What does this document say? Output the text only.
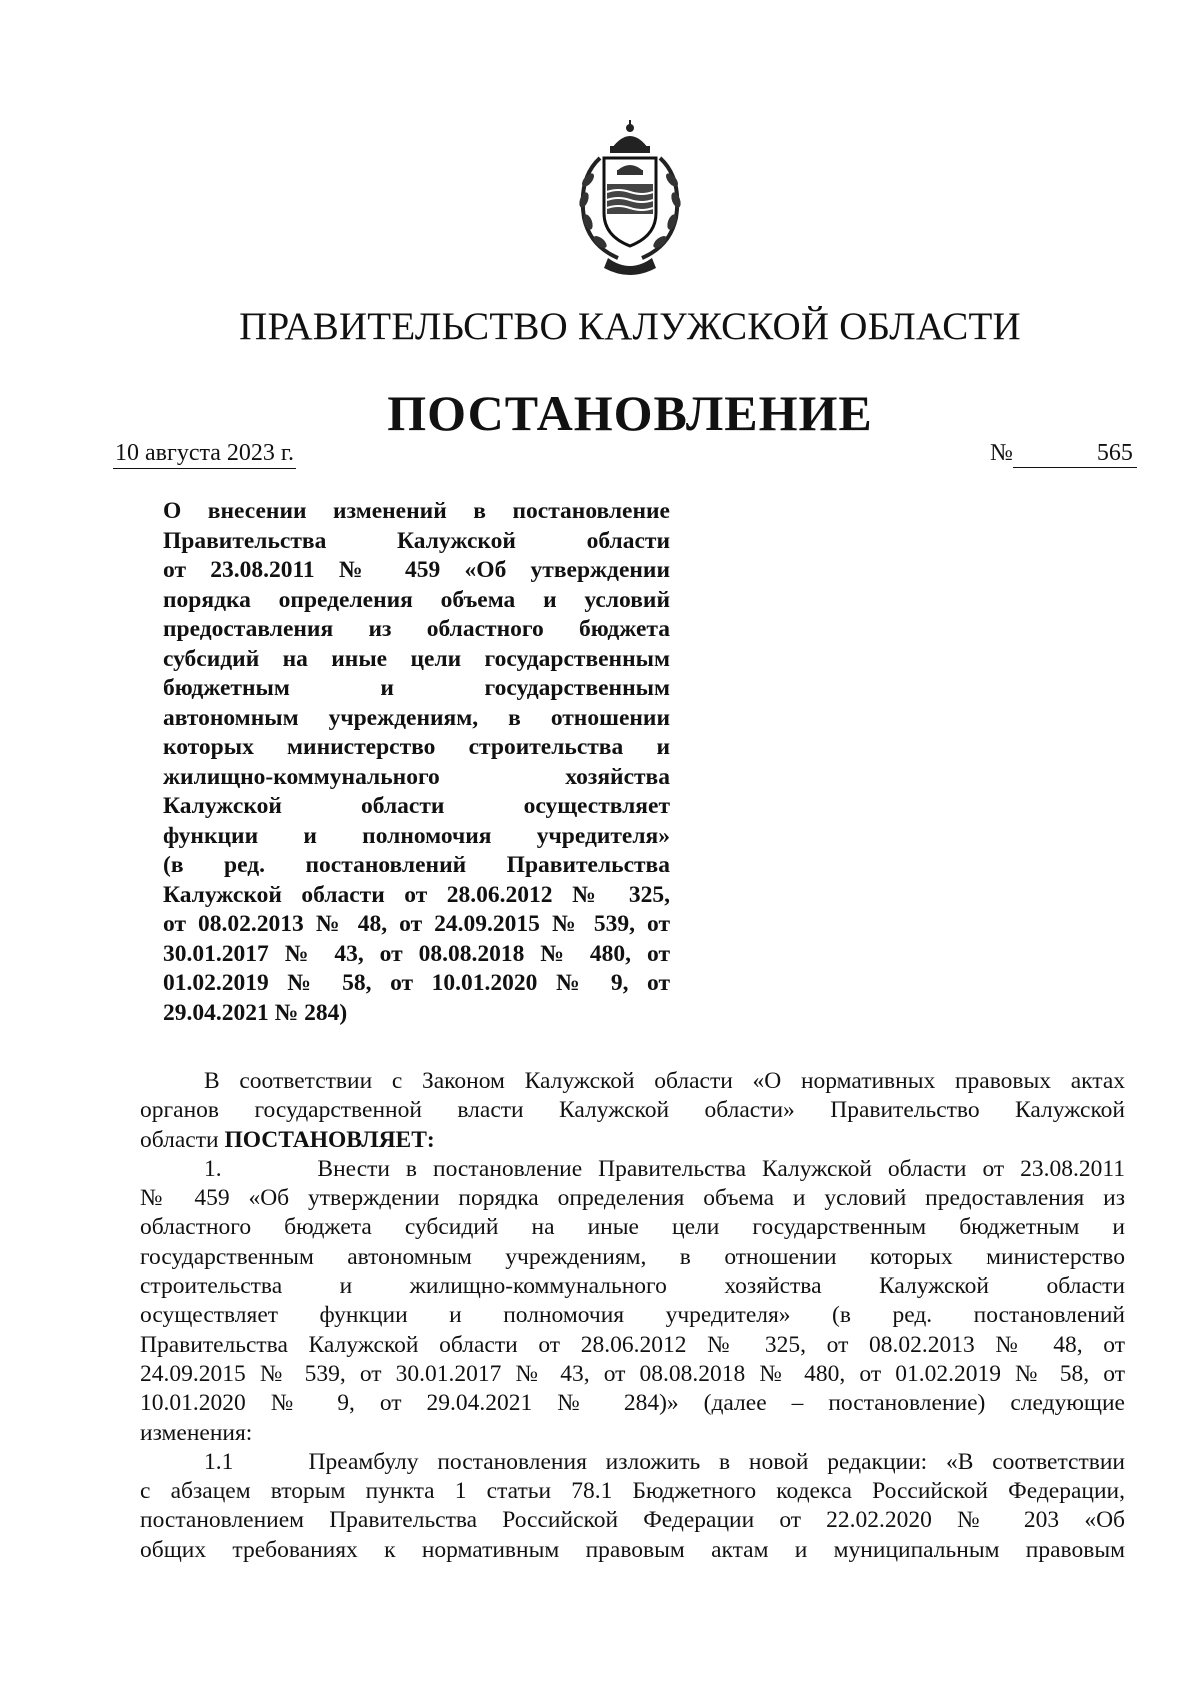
ПРАВИТЕЛЬСТВО КАЛУЖСКОЙ ОБЛАСТИ
ПОСТАНОВЛЕНИЕ
10 августа 2023 г.	№	565
О внесении изменений в постановление
Правительства Калужской области
от 23.08.2011 № 459 «Об утверждении
порядка определения объема и условий
предоставления из областного бюджета
субсидий на иные цели государственным
бюджетным и государственным
автономным учреждениям, в отношении
которых министерство строительства и
жилищно-коммунального хозяйства
Калужской области осуществляет
функции и полномочия учредителя»
(в ред. постановлений Правительства
Калужской области от 28.06.2012 № 325,
от 08.02.2013 № 48, от 24.09.2015 № 539, от
30.01.2017 № 43, от 08.08.2018 № 480, от
01.02.2019 № 58, от 10.01.2020 № 9, от
29.04.2021 № 284)
В соответствии с Законом Калужской области «О нормативных правовых актах
органов государственной власти Калужской области» Правительство Калужской
области ПОСТАНОВЛЯЕТ:
1.      Внести в постановление Правительства Калужской области от 23.08.2011
№ 459 «Об утверждении порядка определения объема и условий предоставления из
областного бюджета субсидий на иные цели государственным бюджетным и
государственным автономным учреждениям, в отношении которых министерство
строительства и жилищно-коммунального хозяйства Калужской области
осуществляет функции и полномочия учредителя» (в ред. постановлений
Правительства Калужской области от 28.06.2012 № 325, от 08.02.2013 № 48, от
24.09.2015 № 539, от 30.01.2017 № 43, от 08.08.2018 № 480, от 01.02.2019 № 58, от
10.01.2020 № 9, от 29.04.2021 № 284)» (далее – постановление) следующие
изменения:
1.1    Преамбулу постановления изложить в новой редакции: «В соответствии
с абзацем вторым пункта 1 статьи 78.1 Бюджетного кодекса Российской Федерации,
постановлением Правительства Российской Федерации от 22.02.2020 № 203 «Об
общих требованиях к нормативным правовым актам и муниципальным правовым
